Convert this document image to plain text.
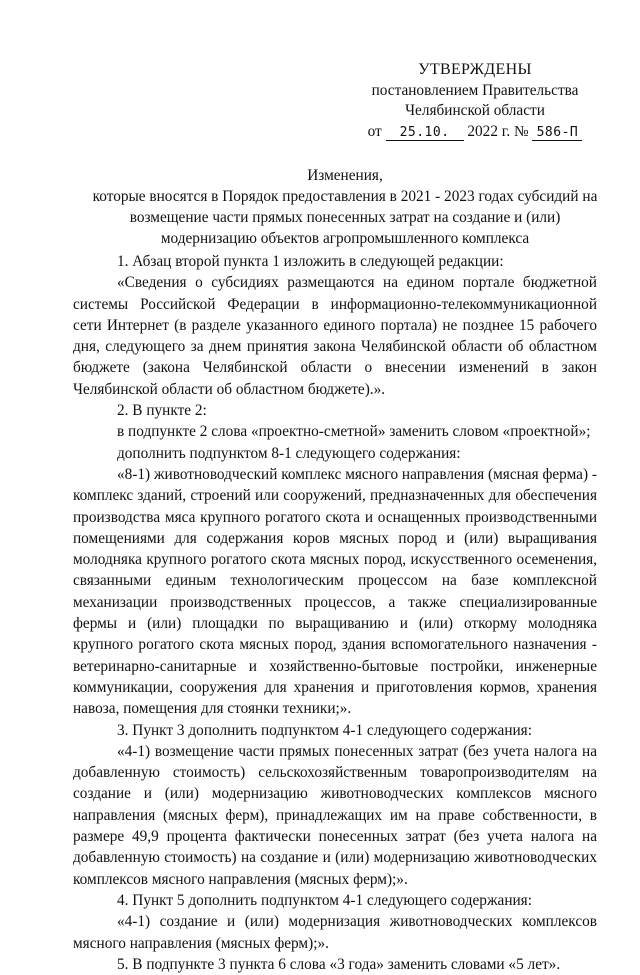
УТВЕРЖДЕНЫ
постановлением Правительства
Челябинской области
от 25.10. 2022 г. № 586-П
Изменения,
которые вносятся в Порядок предоставления в 2021 - 2023 годах субсидий на
возмещение части прямых понесенных затрат на создание и (или)
модернизацию объектов агропромышленного комплекса

1. Абзац второй пункта 1 изложить в следующей редакции:

«Сведения о субсидиях размещаются на едином портале бюджетной системы Российской Федерации в информационно-телекоммуникационной сети Интернет (в разделе указанного единого портала) не позднее 15 рабочего дня, следующего за днем принятия закона Челябинской области об областном бюджете (закона Челябинской области о внесении изменений в закон Челябинской области об областном бюджете).».

2. В пункте 2:

в подпункте 2 слова «проектно-сметной» заменить словом «проектной»;

дополнить подпунктом 8-1 следующего содержания:

«8-1) животноводческий комплекс мясного направления (мясная ферма) - комплекс зданий, строений или сооружений, предназначенных для обеспечения производства мяса крупного рогатого скота и оснащенных производственными помещениями для содержания коров мясных пород и (или) выращивания молодняка крупного рогатого скота мясных пород, искусственного осеменения, связанными единым технологическим процессом на базе комплексной механизации производственных процессов, а также специализированные фермы и (или) площадки по выращиванию и (или) откорму молодняка крупного рогатого скота мясных пород, здания вспомогательного назначения - ветеринарно-санитарные и хозяйственно-бытовые постройки, инженерные коммуникации, сооружения для хранения и приготовления кормов, хранения навоза, помещения для стоянки техники;».

3. Пункт 3 дополнить подпунктом 4-1 следующего содержания:

«4-1) возмещение части прямых понесенных затрат (без учета налога на добавленную стоимость) сельскохозяйственным товаропроизводителям на создание и (или) модернизацию животноводческих комплексов мясного направления (мясных ферм), принадлежащих им на праве собственности, в размере 49,9 процента фактически понесенных затрат (без учета налога на добавленную стоимость) на создание и (или) модернизацию животноводческих комплексов мясного направления (мясных ферм);».

4. Пункт 5 дополнить подпунктом 4-1 следующего содержания:

«4-1) создание и (или) модернизация животноводческих комплексов мясного направления (мясных ферм);».

5. В подпункте 3 пункта 6 слова «3 года» заменить словами «5 лет».
